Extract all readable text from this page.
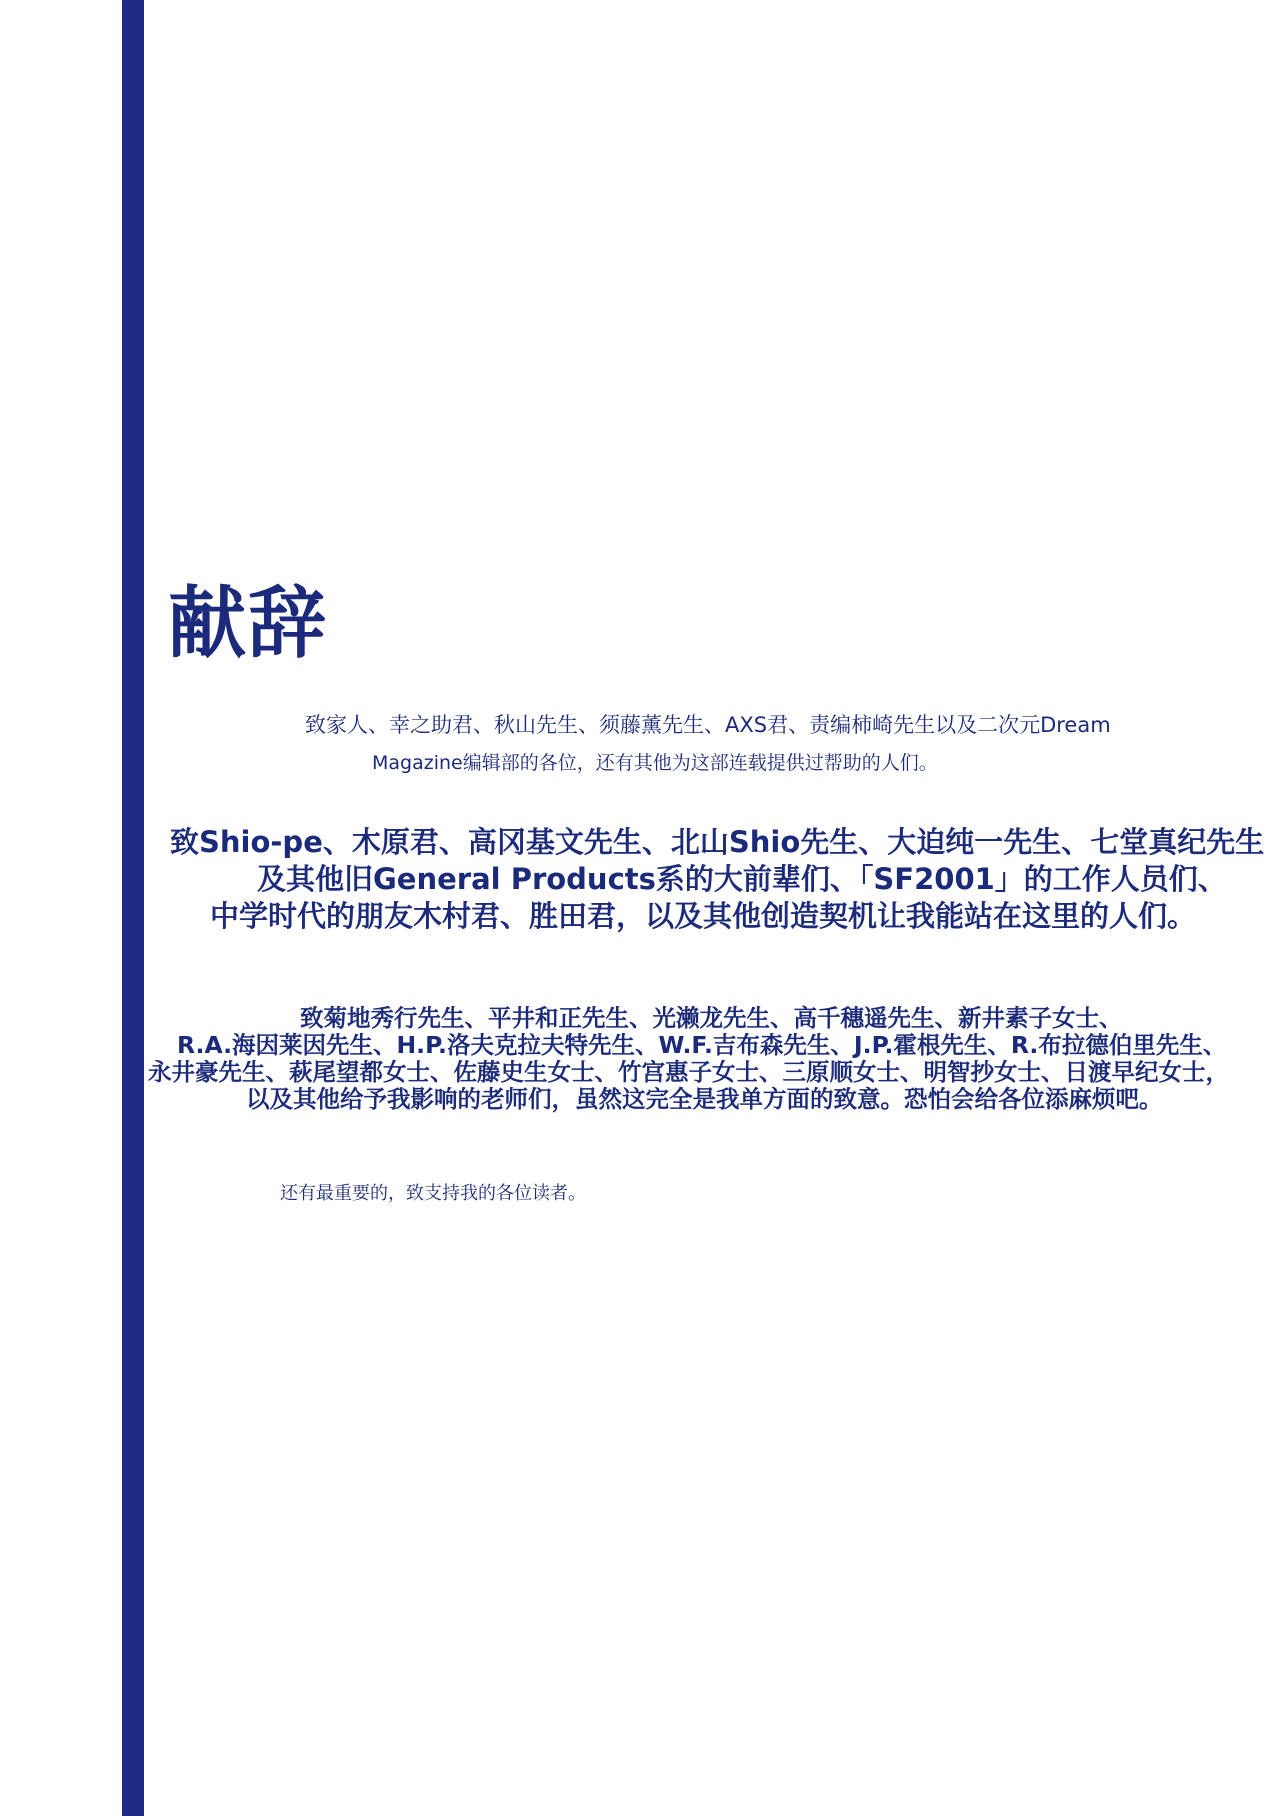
献辞
致家人、幸之助君、秋山先生、须藤薰先生、AXS君、责编柿崎先生以及二次元Dream
Magazine编辑部的各位，还有其他为这部连载提供过帮助的人们。
致Shio-pe、木原君、高冈基文先生、北山Shio先生、大迫纯一先生、七堂真纪先生
及其他旧General Products系的大前辈们、「SF2001」的工作人员们、
中学时代的朋友木村君、胜田君，以及其他创造契机让我能站在这里的人们。
致菊地秀行先生、平井和正先生、光濑龙先生、高千穗遥先生、新井素子女士、
R.A.海因莱因先生、H.P.洛夫克拉夫特先生、W.F.吉布森先生、J.P.霍根先生、R.布拉德伯里先生、
永井豪先生、萩尾望都女士、佐藤史生女士、竹宫惠子女士、三原顺女士、明智抄女士、日渡早纪女士，
以及其他给予我影响的老师们，虽然这完全是我单方面的致意。恐怕会给各位添麻烦吧。
还有最重要的，致支持我的各位读者。
